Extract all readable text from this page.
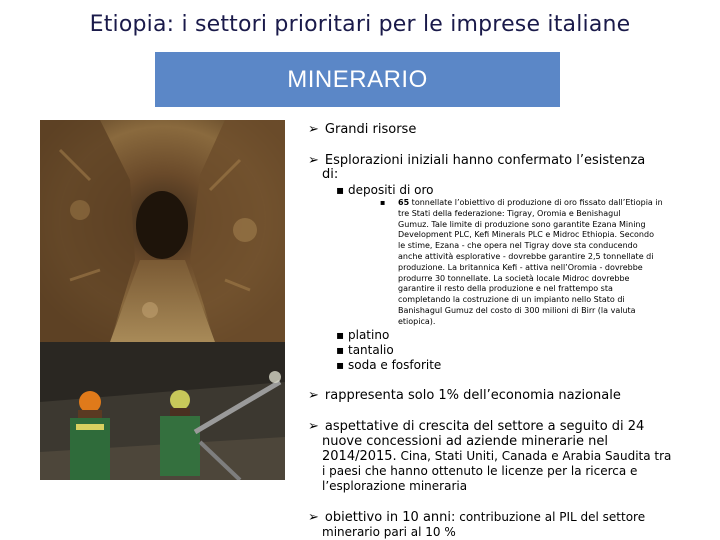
Etiopia: i settori prioritari per le imprese italiane
MINERARIO
➢ Grandi risorse
➢ Esplorazioni iniziali hanno confermato l’esistenza
di:
▪ depositi di oro
▪ 65 tonnellate l’obiettivo di produzione di oro fissato dall’Etiopia in
tre Stati della federazione: Tigray, Oromia e Benishagul
Gumuz. Tale limite di produzione sono garantite Ezana Mining
Development PLC, Kefi Minerals PLC e Midroc Ethiopia. Secondo
le stime, Ezana - che opera nel Tigray dove sta conducendo
anche attività esplorative - dovrebbe garantire 2,5 tonnellate di
produzione. La britannica Kefi - attiva nell’Oromia - dovrebbe
produrre 30 tonnellate. La società locale Midroc dovrebbe
garantire il resto della produzione e nel frattempo sta
completando la costruzione di un impianto nello Stato di
Banishagul Gumuz del costo di 300 milioni di Birr (la valuta
etiopica).
▪ platino
▪ tantalio
▪ soda e fosforite
➢ rappresenta solo 1% dell’economia nazionale
➢ aspettative di crescita del settore a seguito di 24
nuove concessioni ad aziende minerarie nel
2014/2015. Cina, Stati Uniti, Canada e Arabia Saudita tra
i paesi che hanno ottenuto le licenze per la ricerca e
l’esplorazione mineraria
➢ obiettivo in 10 anni: contribuzione al PIL del settore
minerario pari al 10 %
